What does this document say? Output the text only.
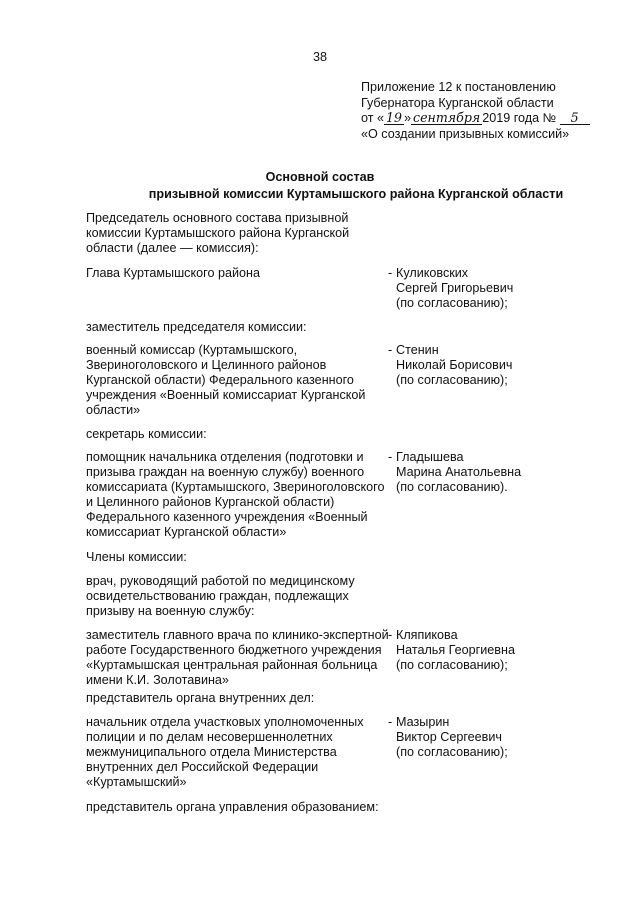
38
Приложение 12 к постановлению
Губернатора Курганской области
от « 19 » сентября 2019 года № 5
«О создании призывных комиссий»
Основной состав
призывной комиссии Куртамышского района Курганской области
Председатель основного состава призывной комиссии Куртамышского района Курганской области (далее — комиссия):
Глава Куртамышского района	- Куликовских
Сергей Григорьевич
(по согласованию);
заместитель председателя комиссии:
военный комиссар (Куртамышского, Звериноголовского и Целинного районов Курганской области) Федерального казенного учреждения «Военный комиссариат Курганской области»
- Стенин
Николай Борисович
(по согласованию);
секретарь комиссии:
помощник начальника отделения (подготовки и призыва граждан на военную службу) военного комиссариата (Куртамышского, Звериноголовского и Целинного районов Курганской области) Федерального казенного учреждения «Военный комиссариат Курганской области»
- Гладышева
Марина Анатольевна
(по согласованию).
Члены комиссии:
врач, руководящий работой по медицинскому освидетельствованию граждан, подлежащих призыву на военную службу:
заместитель главного врача по клинико-экспертной работе Государственного бюджетного учреждения «Куртамышская центральная районная больница имени К.И. Золотавина»
- Кляпикова
Наталья Георгиевна
(по согласованию);
представитель органа внутренних дел:
начальник отдела участковых уполномоченных полиции и по делам несовершеннолетних межмуниципального отдела Министерства внутренних дел Российской Федерации «Куртамышский»
- Мазырин
Виктор Сергеевич
(по согласованию);
представитель органа управления образованием:
